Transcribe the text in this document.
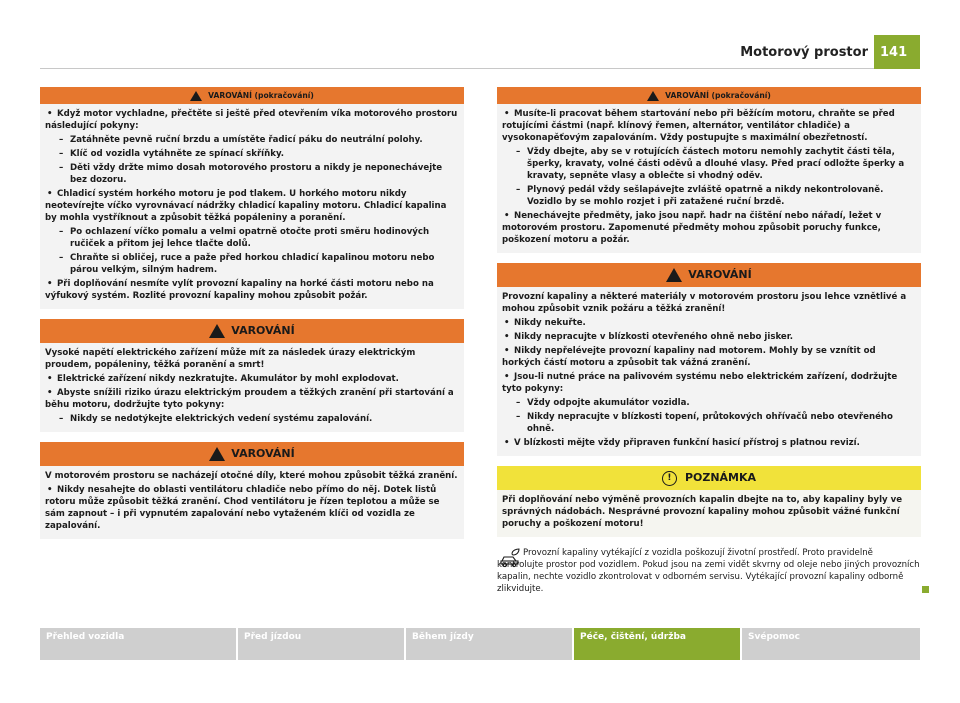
Motorový prostor 141
VAROVÁNÍ (pokračování)
• Když motor vychladne, přečtěte si ještě před otevřením víka motorového prostoru následující pokyny:
– Zatáhněte pevně ruční brzdu a umístěte řadicí páku do neutrální polohy.
– Klíč od vozidla vytáhněte ze spínací skříňky.
– Děti vždy držte mimo dosah motorového prostoru a nikdy je neponechávejte bez dozoru.
• Chladicí systém horkého motoru je pod tlakem. U horkého motoru nikdy neotevírejte víčko vyrovnávací nádržky chladicí kapaliny motoru. Chladicí kapalina by mohla vystříknout a způsobit těžká popáleniny a poranění.
– Po ochlazení víčko pomalu a velmi opatrně otočte proti směru hodinových ručiček a přitom jej lehce tlačte dolů.
– Chraňte si obličej, ruce a paže před horkou chladicí kapalinou motoru nebo párou velkým, silným hadrem.
• Při doplňování nesmíte vylít provozní kapaliny na horké části motoru nebo na výfukový systém. Rozlité provozní kapaliny mohou způsobit požár.
VAROVÁNÍ
Vysoké napětí elektrického zařízení může mít za následek úrazy elektrickým proudem, popáleniny, těžká poranění a smrt!
• Elektrické zařízení nikdy nezkratujte. Akumulátor by mohl explodovat.
• Abyste snížili riziko úrazu elektrickým proudem a těžkých zranění při startování a běhu motoru, dodržujte tyto pokyny:
– Nikdy se nedotýkejte elektrických vedení systému zapalování.
VAROVÁNÍ
V motorovém prostoru se nacházejí otočné díly, které mohou způsobit těžká zranění.
• Nikdy nesahejte do oblasti ventilátoru chladiče nebo přímo do něj. Dotek listů rotoru může způsobit těžká zranění. Chod ventilátoru je řízen teplotou a může se sám zapnout – i při vypnutém zapalování nebo vytaženém klíči od vozidla ze zapalování.
VAROVÁNÍ (pokračování)
• Musíte-li pracovat během startování nebo při běžícím motoru, chraňte se před rotujícími částmi (např. klínový řemen, alternátor, ventilátor chladiče) a vysokonapěťovým zapalováním. Vždy postupujte s maximální obezřetností.
– Vždy dbejte, aby se v rotujících částech motoru nemohly zachytit části těla, šperky, kravaty, volné části oděvů a dlouhé vlasy. Před prací odložte šperky a kravaty, sepněte vlasy a oblečte si vhodný oděv.
– Plynový pedál vždy sešlapávejte zvláště opatrně a nikdy nekontrolovaně. Vozidlo by se mohlo rozjet i při zatažené ruční brzdě.
• Nenechávejte předměty, jako jsou např. hadr na čištění nebo nářadí, ležet v motorovém prostoru. Zapomenuté předměty mohou způsobit poruchy funkce, poškození motoru a požár.
VAROVÁNÍ
Provozní kapaliny a některé materiály v motorovém prostoru jsou lehce vznětlivé a mohou způsobit vznik požáru a těžká zranění!
• Nikdy nekuřte.
• Nikdy nepracujte v blízkosti otevřeného ohně nebo jisker.
• Nikdy nepřelévejte provozní kapaliny nad motorem. Mohly by se vznítit od horkých částí motoru a způsobit tak vážná zranění.
• Jsou-li nutné práce na palivovém systému nebo elektrickém zařízení, dodržujte tyto pokyny:
– Vždy odpojte akumulátor vozidla.
– Nikdy nepracujte v blízkosti topení, průtokových ohřívačů nebo otevřeného ohně.
• V blízkosti mějte vždy připraven funkční hasicí přístroj s platnou revizí.
!	POZNÁMKA
Při doplňování nebo výměně provozních kapalin dbejte na to, aby kapaliny byly ve správných nádobách. Nesprávné provozní kapaliny mohou způsobit vážné funkční poruchy a poškození motoru!
Provozní kapaliny vytékající z vozidla poškozují životní prostředí. Proto pravidelně kontrolujte prostor pod vozidlem. Pokud jsou na zemi vidět skvrny od oleje nebo jiných provozních kapalin, nechte vozidlo zkontrolovat v odborném servisu. Vytékající provozní kapaliny odborně zlikvidujte.
Přehled vozidla	Před jízdou	Během jízdy	Péče, čištění, údržba	Svépomoc
